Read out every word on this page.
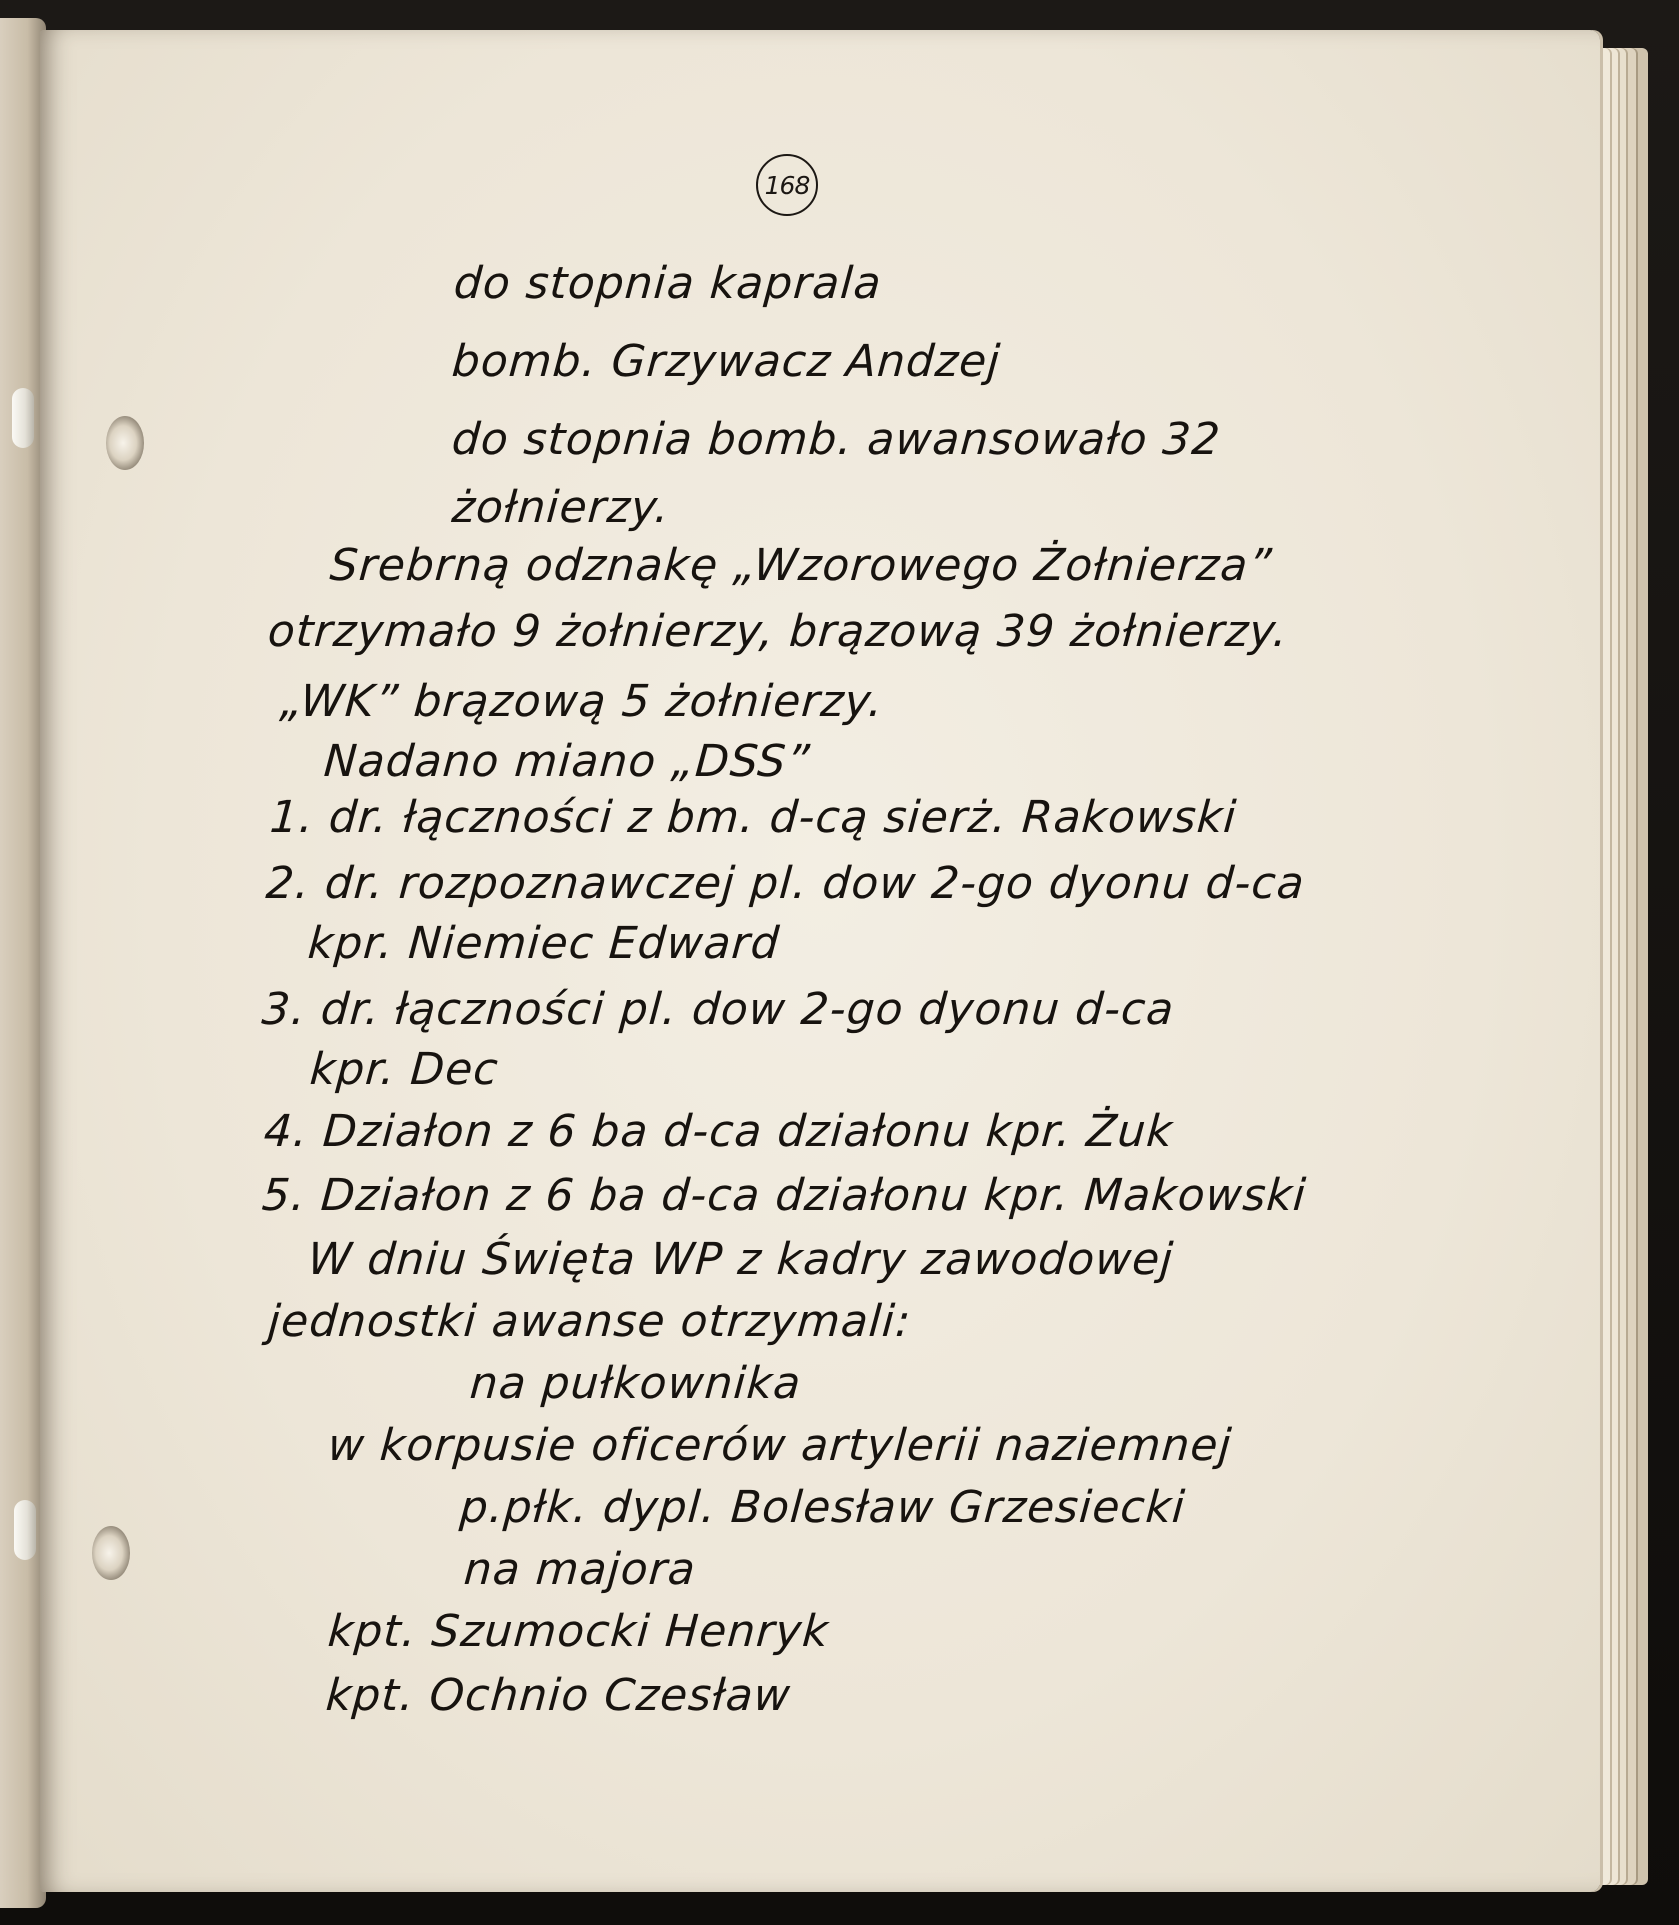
168
do stopnia kaprala
bomb. Grzywacz Andzej
do stopnia bomb. awansowało 32
żołnierzy.
Srebrną odznakę „Wzorowego Żołnierza”
otrzymało 9 żołnierzy, brązową 39 żołnierzy.
„WK” brązową 5 żołnierzy.
Nadano miano „DSS”
1. dr. łączności z bm. d-cą sierż. Rakowski
2. dr. rozpoznawczej pl. dow 2-go dyonu d-ca
kpr. Niemiec Edward
3. dr. łączności pl. dow 2-go dyonu d-ca
kpr. Dec
4. Działon z 6 ba d-ca działonu kpr. Żuk
5. Działon z 6 ba d-ca działonu kpr. Makowski
W dniu Święta WP z kadry zawodowej
jednostki awanse otrzymali:
na pułkownika
w korpusie oficerów artylerii naziemnej
p.płk. dypl. Bolesław Grzesiecki
na majora
kpt. Szumocki Henryk
kpt. Ochnio Czesław
